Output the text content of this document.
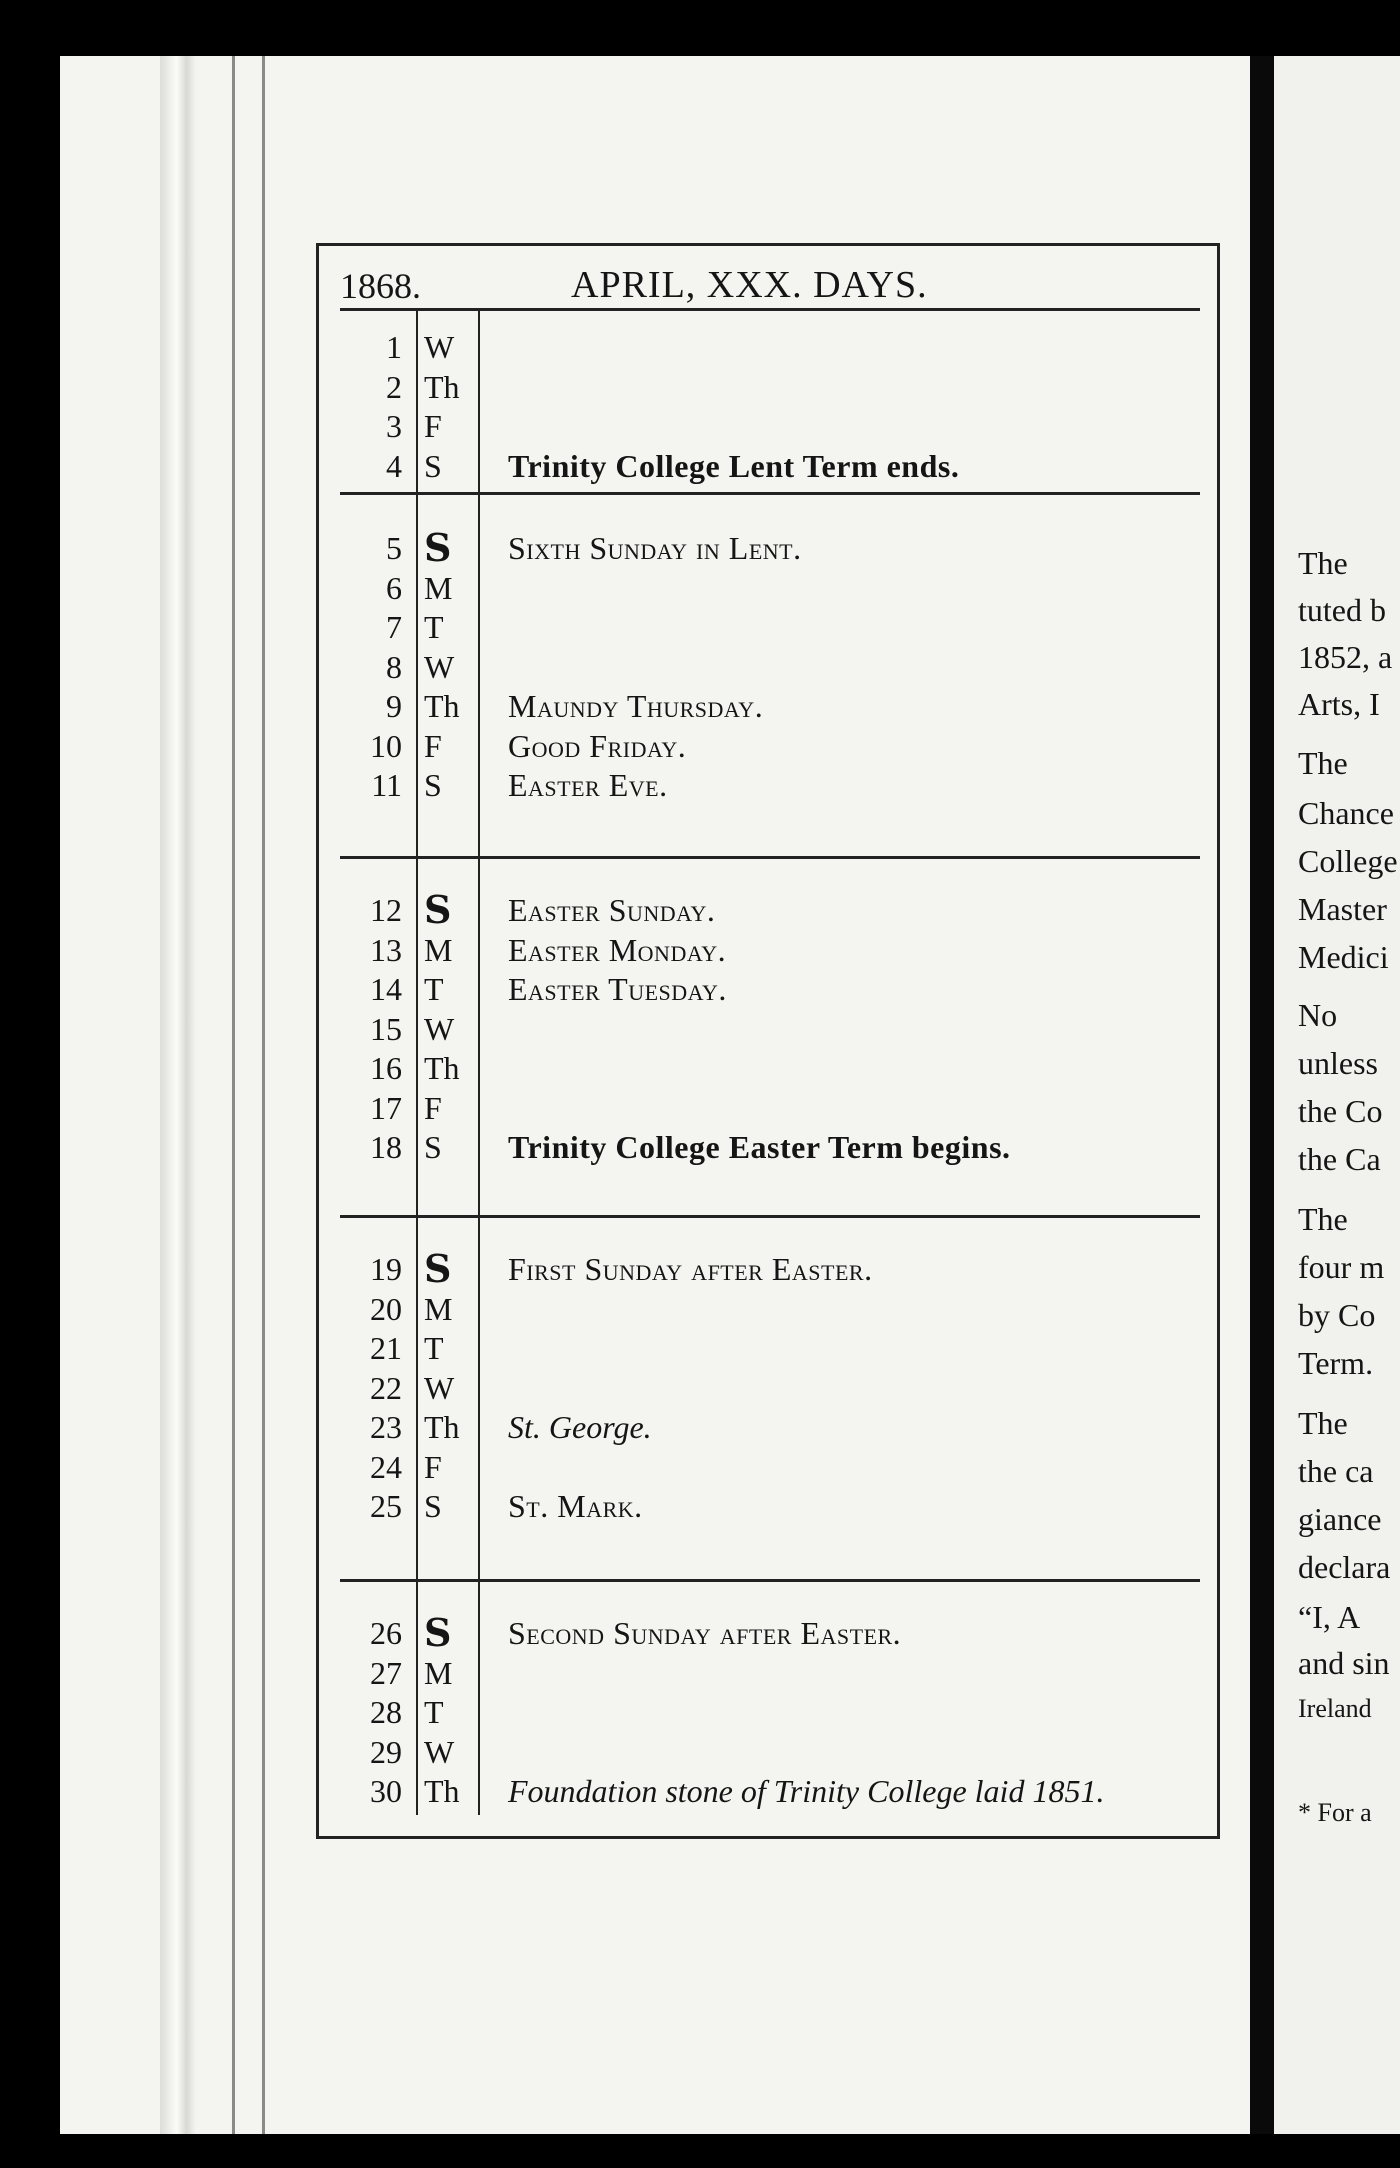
The
tuted b
1852, a
Arts, I
The
Chance
College
Master
Medici
No
unless
the Co
the Ca
The
four m
by Co
Term.
The
the ca
giance
declara
“I, A
and sin
Ireland
* For a
1868.	APRIL, XXX. DAYS.
1 W
2 Th
3 F
4 S Trinity College Lent Term ends.
5 S Sixth Sunday in Lent.
6 M
7 T
8 W
9 Th Maundy Thursday.
10 F Good Friday.
11 S Easter Eve.
12 S Easter Sunday.
13 M Easter Monday.
14 T Easter Tuesday.
15 W
16 Th
17 F
18 S Trinity College Easter Term begins.
19 S First Sunday after Easter.
20 M
21 T
22 W
23 Th St. George.
24 F
25 S St. Mark.
26 S Second Sunday after Easter.
27 M
28 T
29 W
30 Th Foundation stone of Trinity College laid 1851.
